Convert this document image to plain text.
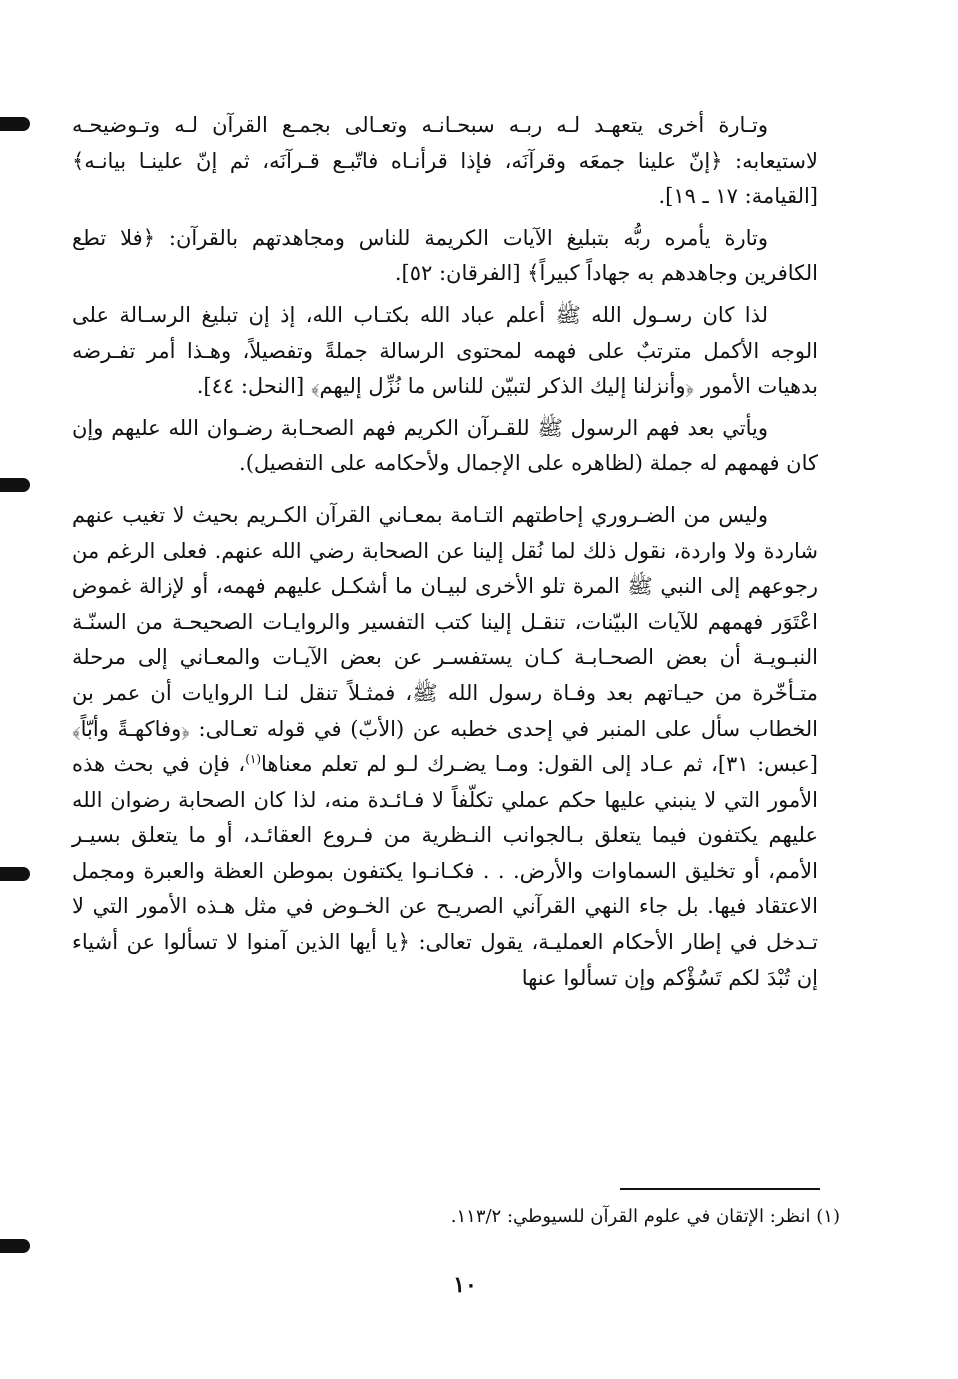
وتـارة أخرى يتعهـد لـه ربـه سبحـانـه وتعـالى بجمـع القرآن لـه وتـوضيحـه لاستيعابه: ﴿إنّ علينا جمعَه وقرآنَه، فإذا قرأنـاه فاتّبـع قـرآنَه، ثم إنّ علينـا بيانـه﴾ [القيامة: ١٧ ـ ١٩].

وتارة يأمره ربُّه بتبليغ الآيات الكريمة للناس ومجاهدتهم بالقرآن: ﴿فلا تطع الكافرين وجاهدهم به جهاداً كبيراً﴾ [الفرقان: ٥٢].

لذا كان رسـول الله ﷺ أعلم عباد الله بكتـاب الله، إذ إن تبليغ الرسـالة على الوجه الأكمل مترتبٌ على فهمه لمحتوى الرسالة جملةً وتفصيلاً، وهـذا أمر تفـرضه بدهيات الأمور ﴿وأنزلنا إليك الذكر لتبيّن للناس ما نُزِّل إليهم﴾ [النحل: ٤٤].

ويأتي بعد فهم الرسول ﷺ للقـرآن الكريم فهم الصحـابة رضـوان الله عليهم وإن كان فهمهم له جملة (لظاهره على الإجمال ولأحكامه على التفصيل).

وليس من الضـروري إحاطتهم التـامة بمعـاني القرآن الكـريم بحيث لا تغيب عنهم شاردة ولا واردة، نقول ذلك لما نُقل إلينا عن الصحابة رضي الله عنهم. فعلى الرغم من رجوعهم إلى النبي ﷺ المرة تلو الأخرى لبيـان ما أشكـل عليهم فهمه، أو لإزالة غموض اعْتَوَر فهمهم للآيات البيّنات، تنقـل إلينا كتب التفسير والروايـات الصحيحـة من السنّـة النبـويـة أن بعض الصحـابـة كـان يستفسـر عن بعض الآيـات والمعـاني إلى مرحلة متـأخّرة من حيـاتهم بعد وفـاة رسول الله ﷺ، فمثـلاً تنقل لنـا الروايات أن عمر بن الخطاب سأل على المنبر في إحدى خطبه عن (الأبّ) في قوله تعـالى: ﴿وفاكهـةً وأبّاً﴾ [عبس: ٣١]، ثم عـاد إلى القول: ومـا يضـرك لـو لم تعلم معناها$^{(١)}$، فإن في بحث هذه الأمور التي لا ينبني عليها حكم عملي تكلّفاً لا فـائـدة منه، لذا كان الصحابة رضوان الله عليهم يكتفون فيما يتعلق بـالجوانب النـظرية من فـروع العقائـد، أو ما يتعلق بسيـر الأمم، أو تخليق السماوات والأرض. . . فكـانـوا يكتفون بموطن العظة والعبرة ومجمل الاعتقاد فيها. بل جاء النهي القرآني الصريـح عن الخـوض في مثل هـذه الأمور التي لا تـدخل في إطار الأحكام العمليـة، يقول تعالى: ﴿يا أيها الذين آمنوا لا تسألوا عن أشياء إن تُبْدَ لكم تَسُؤْكم وإن تسألوا عنها

(١) انظر: الإتقان في علوم القرآن للسيوطي: ١١٣/٢.
١٠
